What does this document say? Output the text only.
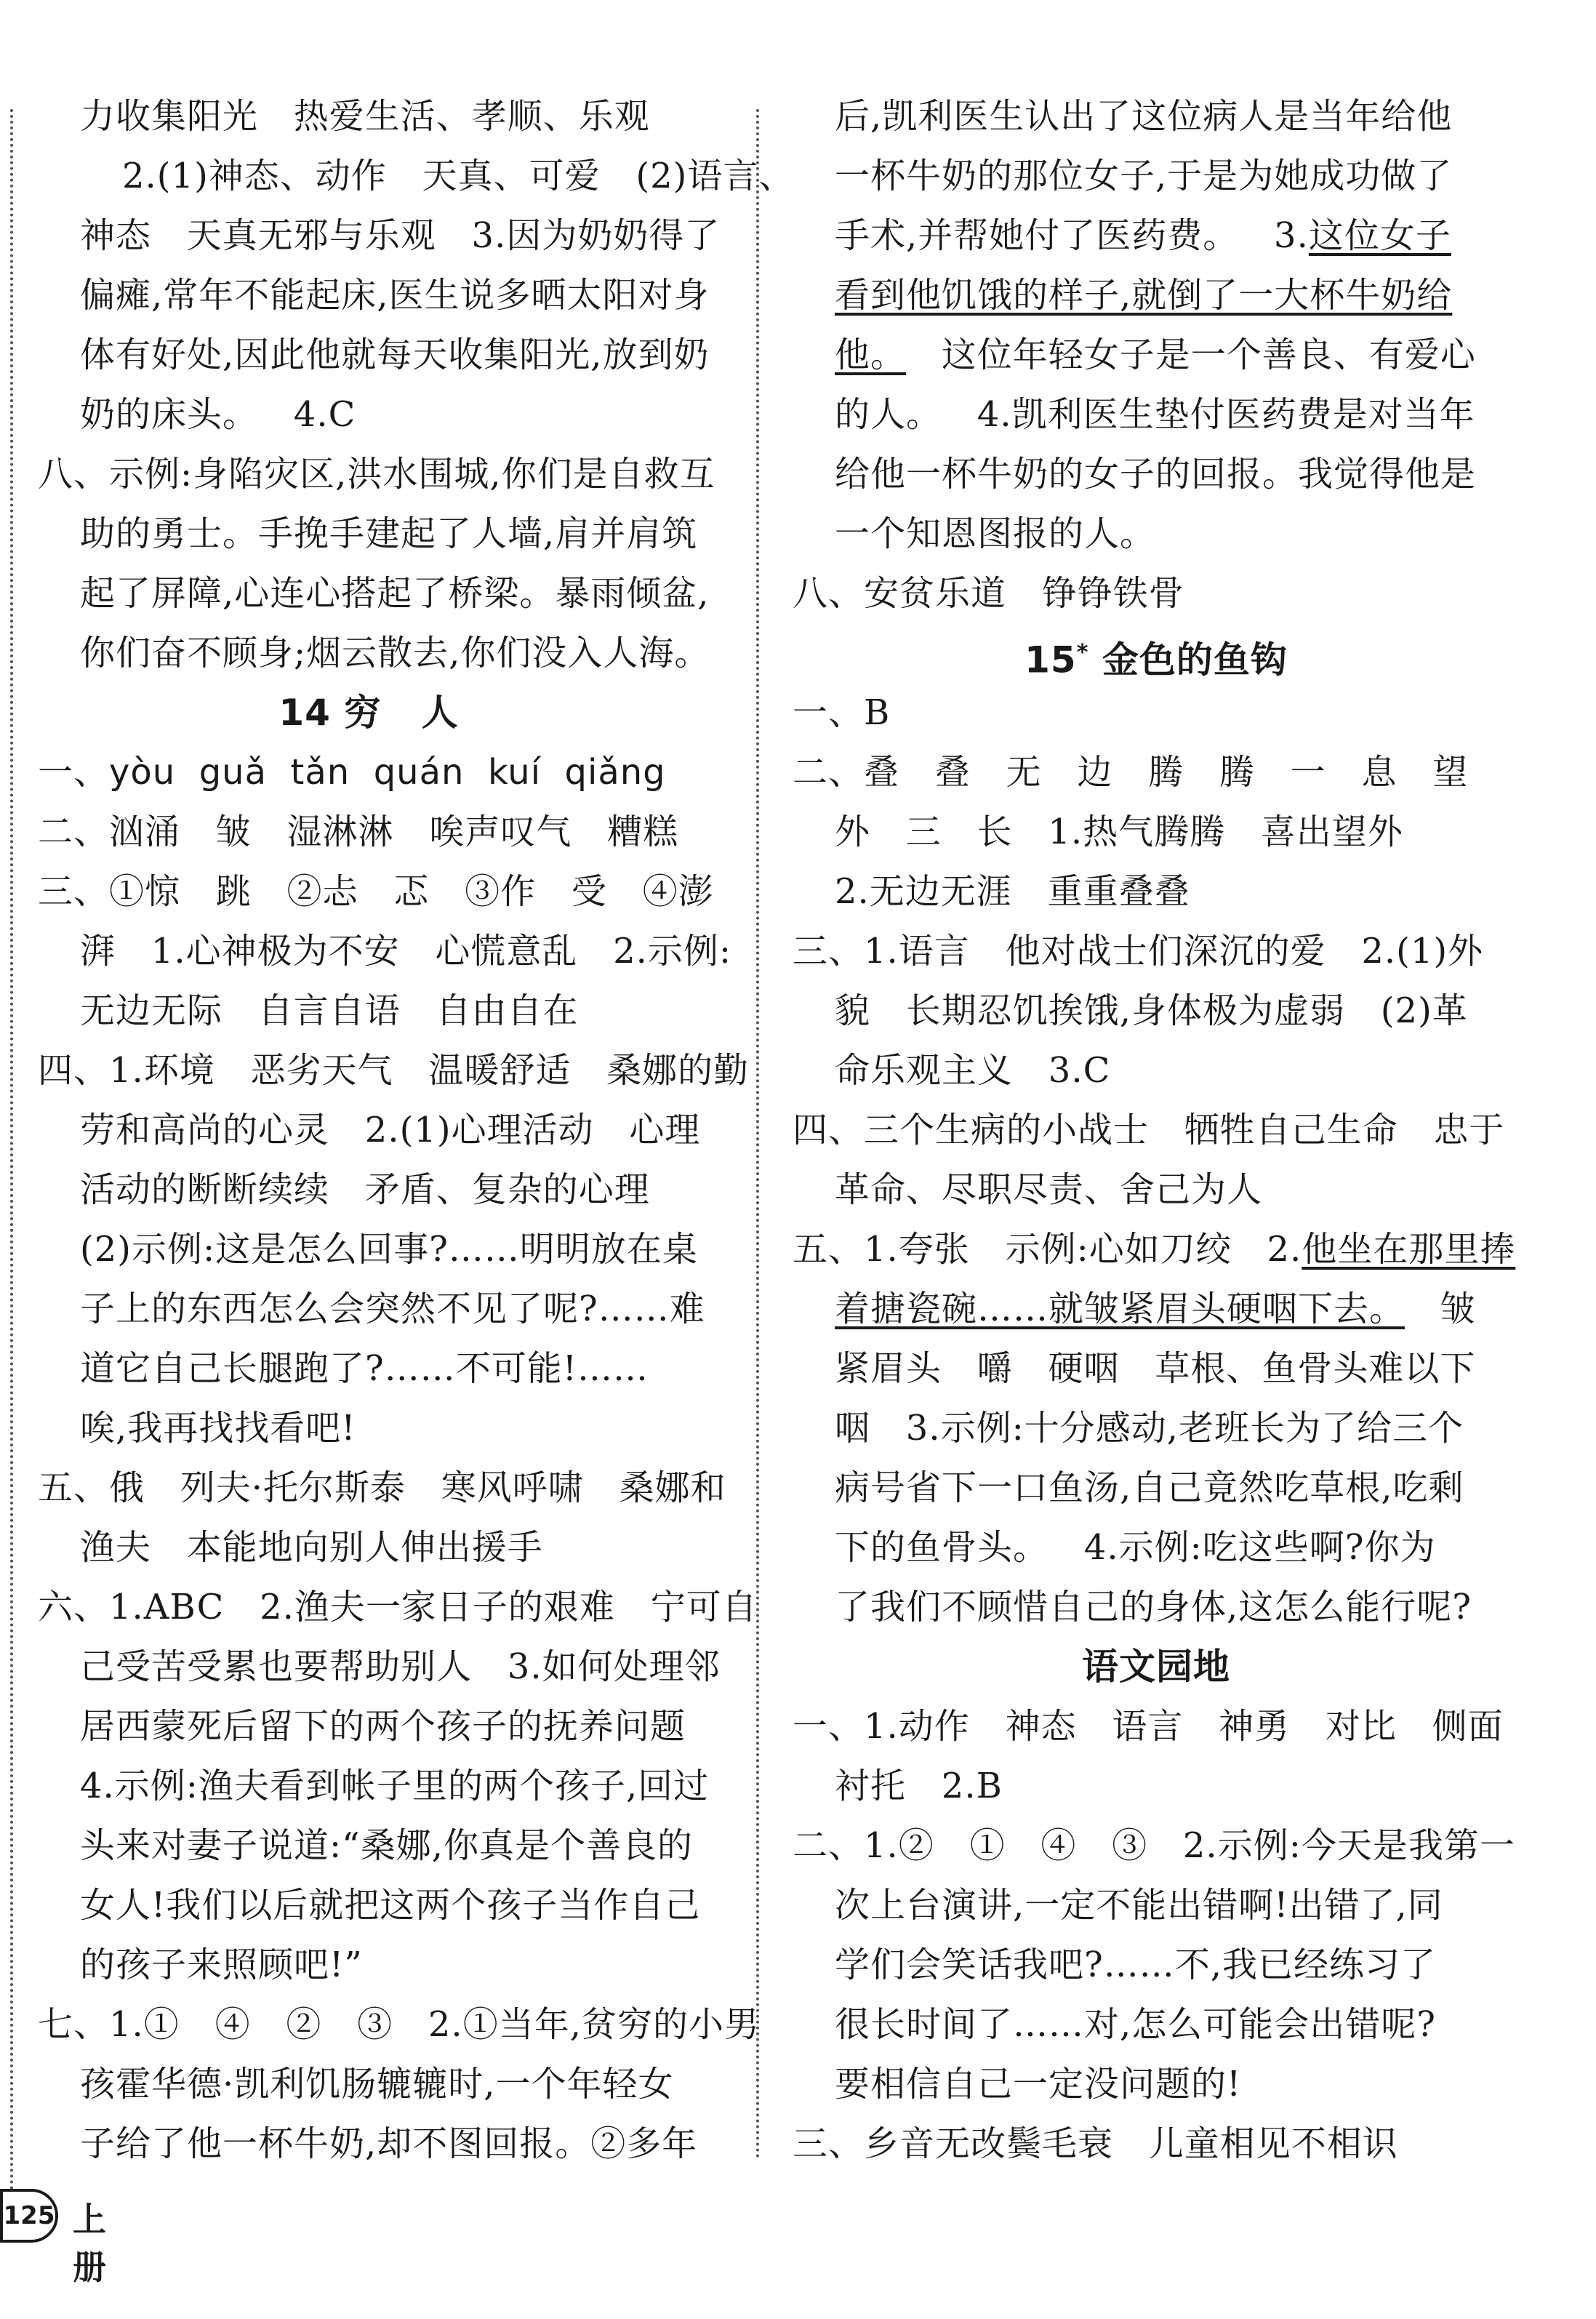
力收集阳光   热爱生活、孝顺、乐观
2.(1)神态、动作   天真、可爱   (2)语言、
神态   天真无邪与乐观   3.因为奶奶得了
偏瘫,常年不能起床,医生说多晒太阳对身
体有好处,因此他就每天收集阳光,放到奶
奶的床头。   4.C
八、示例:身陷灾区,洪水围城,你们是自救互
助的勇士。手挽手建起了人墙,肩并肩筑
起了屏障,心连心搭起了桥梁。暴雨倾盆,
你们奋不顾身;烟云散去,你们没入人海。
14 穷   人
一、yòu  guǎ  tǎn  quán  kuí  qiǎng
二、汹涌   皱   湿淋淋   唉声叹气   糟糕
三、①惊   跳   ②忐   忑   ③作   受   ④澎
湃   1.心神极为不安   心慌意乱   2.示例:
无边无际   自言自语   自由自在
四、1.环境   恶劣天气   温暖舒适   桑娜的勤
劳和高尚的心灵   2.(1)心理活动   心理
活动的断断续续   矛盾、复杂的心理
(2)示例:这是怎么回事?……明明放在桌
子上的东西怎么会突然不见了呢?……难
道它自己长腿跑了?……不可能!……
唉,我再找找看吧!
五、俄   列夫·托尔斯泰   寒风呼啸   桑娜和
渔夫   本能地向别人伸出援手
六、1.ABC   2.渔夫一家日子的艰难   宁可自
己受苦受累也要帮助别人   3.如何处理邻
居西蒙死后留下的两个孩子的抚养问题
4.示例:渔夫看到帐子里的两个孩子,回过
头来对妻子说道:“桑娜,你真是个善良的
女人!我们以后就把这两个孩子当作自己
的孩子来照顾吧!”
七、1.①   ④   ②   ③   2.①当年,贫穷的小男
孩霍华德·凯利饥肠辘辘时,一个年轻女
子给了他一杯牛奶,却不图回报。②多年
后,凯利医生认出了这位病人是当年给他
一杯牛奶的那位女子,于是为她成功做了
手术,并帮她付了医药费。   3.这位女子
看到他饥饿的样子,就倒了一大杯牛奶给
他。   这位年轻女子是一个善良、有爱心
的人。   4.凯利医生垫付医药费是对当年
给他一杯牛奶的女子的回报。我觉得他是
一个知恩图报的人。
八、安贫乐道   铮铮铁骨
15* 金色的鱼钩
一、B
二、叠   叠   无   边   腾   腾   一   息   望
外   三   长   1.热气腾腾   喜出望外
2.无边无涯   重重叠叠
三、1.语言   他对战士们深沉的爱   2.(1)外
貌   长期忍饥挨饿,身体极为虚弱   (2)革
命乐观主义   3.C
四、三个生病的小战士   牺牲自己生命   忠于
革命、尽职尽责、舍己为人
五、1.夸张   示例:心如刀绞   2.他坐在那里捧
着搪瓷碗……就皱紧眉头硬咽下去。   皱
紧眉头   嚼   硬咽   草根、鱼骨头难以下
咽   3.示例:十分感动,老班长为了给三个
病号省下一口鱼汤,自己竟然吃草根,吃剩
下的鱼骨头。   4.示例:吃这些啊?你为
了我们不顾惜自己的身体,这怎么能行呢?
语文园地
一、1.动作   神态   语言   神勇   对比   侧面
衬托   2.B
二、1.②   ①   ④   ③   2.示例:今天是我第一
次上台演讲,一定不能出错啊!出错了,同
学们会笑话我吧?……不,我已经练习了
很长时间了……对,怎么可能会出错呢?
要相信自己一定没问题的!
三、乡音无改鬓毛衰   儿童相见不相识
125 上册
